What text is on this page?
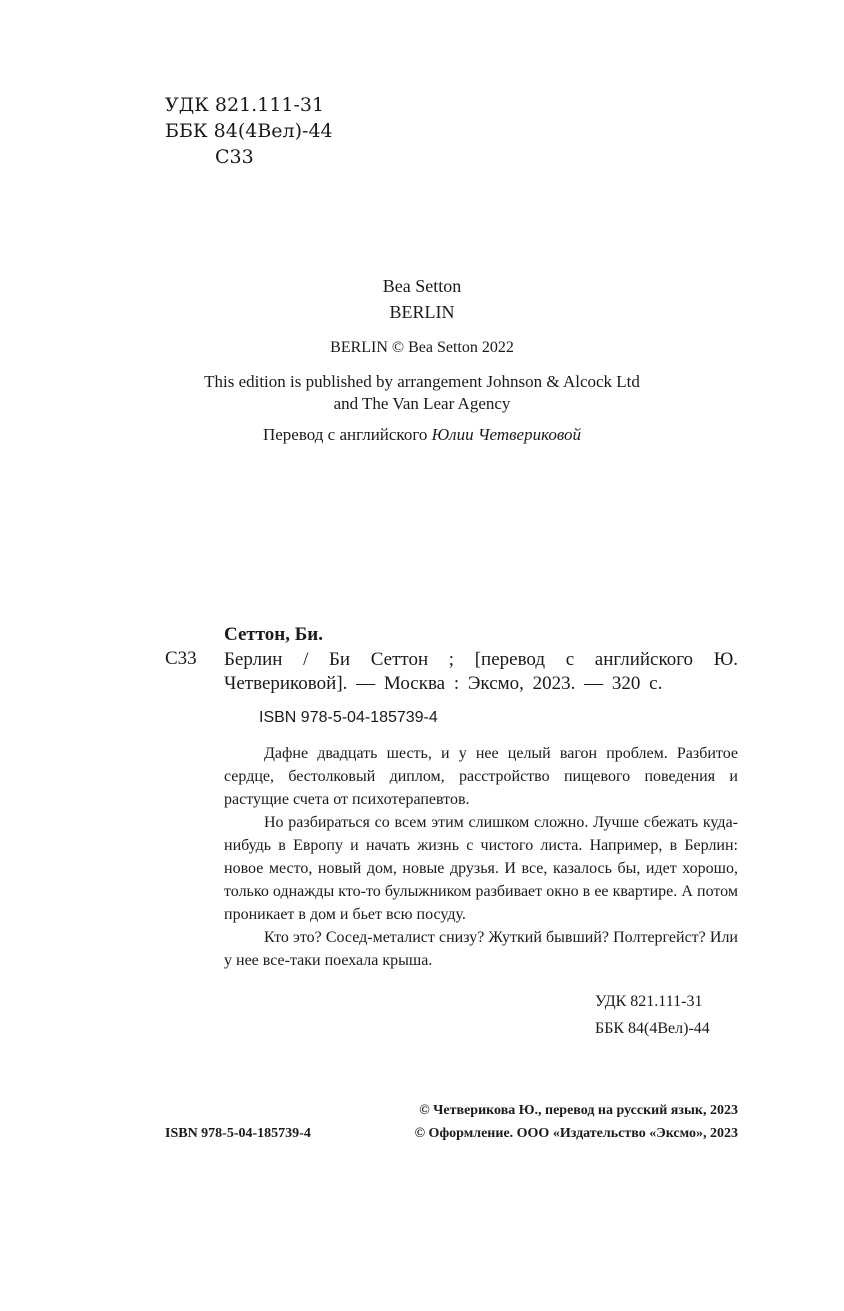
УДК 821.111-31
ББК 84(4Вел)-44
С33
Bea Setton
BERLIN
BERLIN © Bea Setton 2022
This edition is published by arrangement Johnson & Alcock Ltd
and The Van Lear Agency
Перевод с английского Юлии Четвериковой
Сеттон, Би.
С33 Берлин / Би Сеттон ; [перевод с английского Ю. Четвериковой]. — Москва : Эксмо, 2023. — 320 с.
ISBN 978-5-04-185739-4

Дафне двадцать шесть, и у нее целый вагон проблем. Разбитое сердце, бестолковый диплом, расстройство пищевого поведения и растущие счета от психотерапевтов.

Но разбираться со всем этим слишком сложно. Лучше сбежать куда-нибудь в Европу и начать жизнь с чистого листа. Например, в Берлин: новое место, новый дом, новые друзья. И все, казалось бы, идет хорошо, только однажды кто-то булыжником разбивает окно в ее квартире. А потом проникает в дом и бьет всю посуду.

Кто это? Сосед-металист снизу? Жуткий бывший? Полтергейст? Или у нее все-таки поехала крыша.

УДК 821.111-31
ББК 84(4Вел)-44
© Четверикова Ю., перевод на русский язык, 2023
ISBN 978-5-04-185739-4	© Оформление. ООО «Издательство «Эксмо», 2023
